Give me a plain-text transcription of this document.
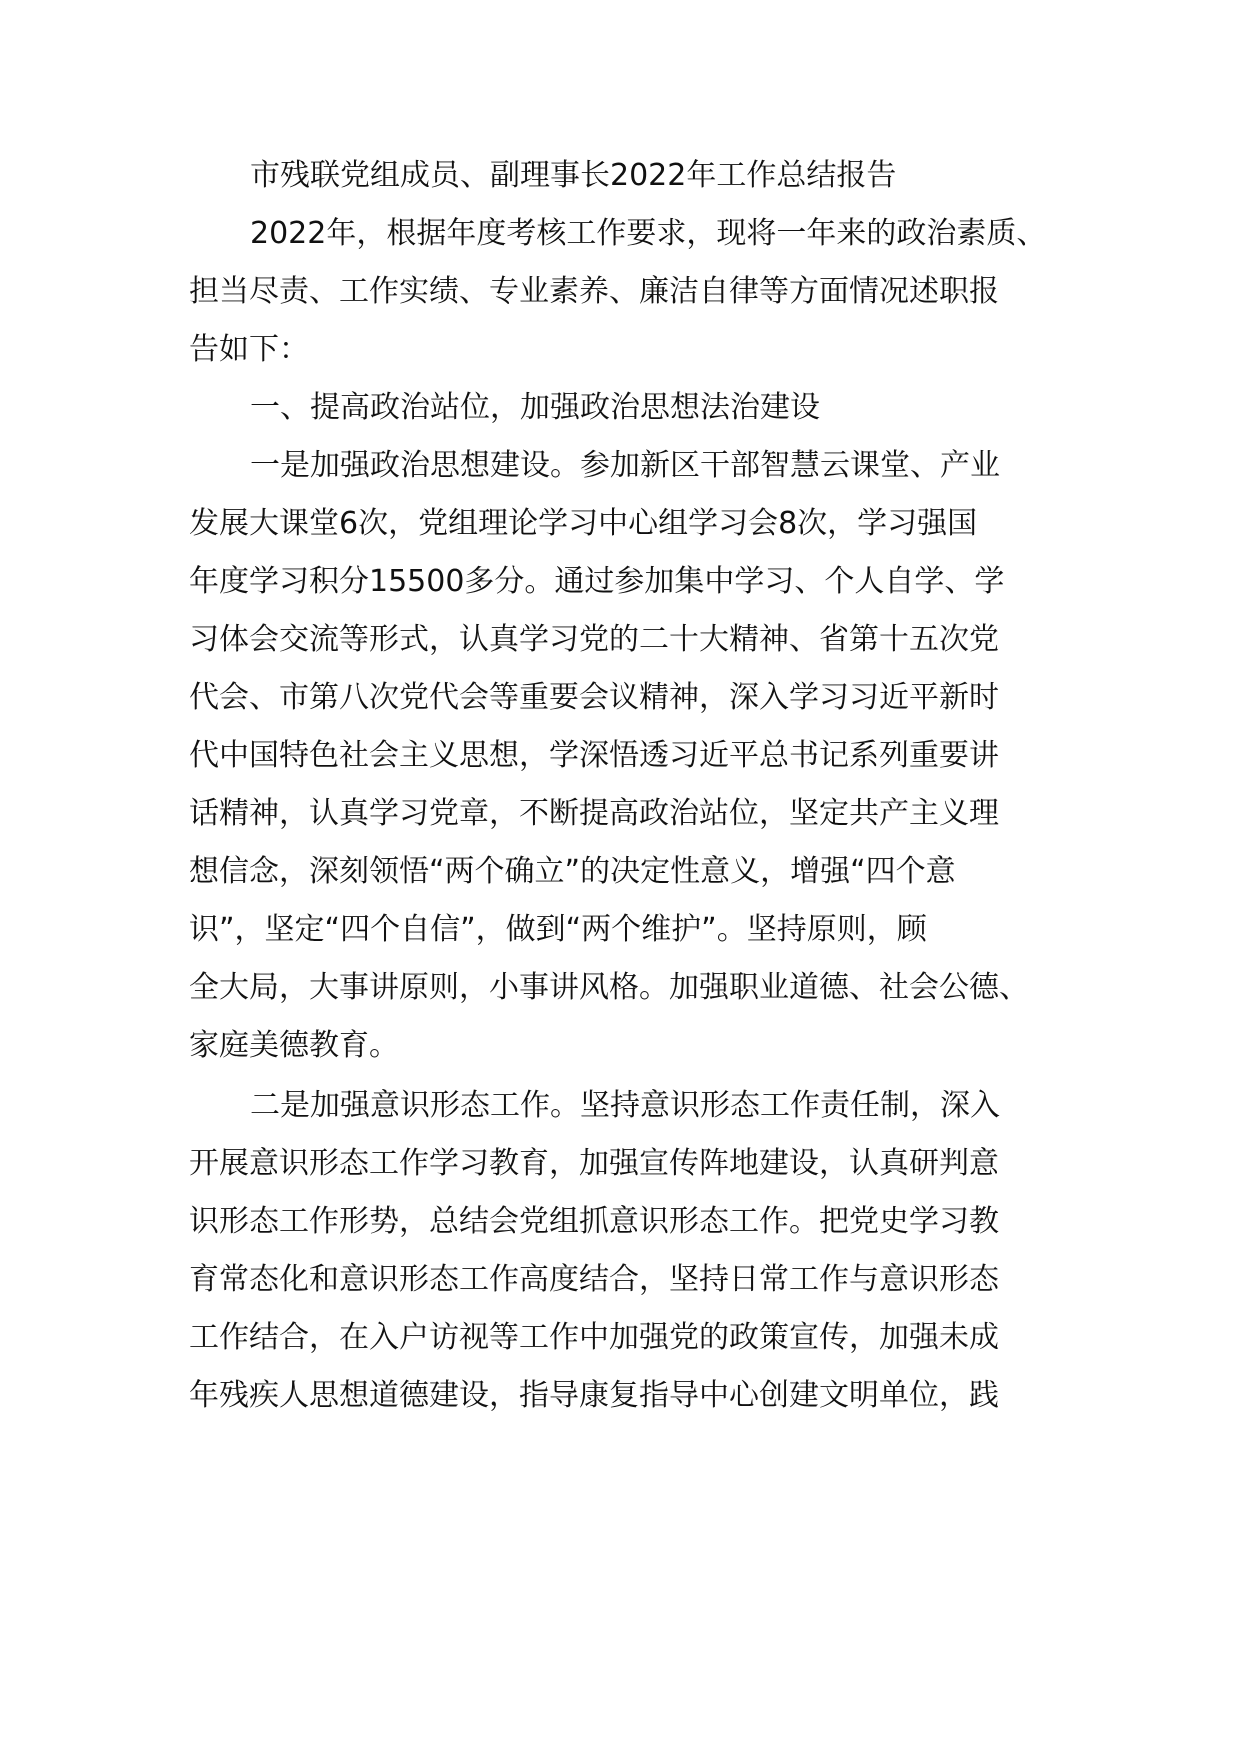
市残联党组成员、副理事长2022年工作总结报告

2022年，根据年度考核工作要求，现将一年来的政治素质、

担当尽责、工作实绩、专业素养、廉洁自律等方面情况述职报

告如下：

一、提高政治站位，加强政治思想法治建设

一是加强政治思想建设。参加新区干部智慧云课堂、产业

发展大课堂6次，党组理论学习中心组学习会8次，学习强国

年度学习积分15500多分。通过参加集中学习、个人自学、学

习体会交流等形式，认真学习党的二十大精神、省第十五次党

代会、市第八次党代会等重要会议精神，深入学习习近平新时

代中国特色社会主义思想，学深悟透习近平总书记系列重要讲

话精神，认真学习党章，不断提高政治站位，坚定共产主义理

想信念，深刻领悟“两个确立”的决定性意义，增强“四个意

识”，坚定“四个自信”，做到“两个维护”。坚持原则，顾

全大局，大事讲原则，小事讲风格。加强职业道德、社会公德、

家庭美德教育。

二是加强意识形态工作。坚持意识形态工作责任制，深入

开展意识形态工作学习教育，加强宣传阵地建设，认真研判意

识形态工作形势，总结会党组抓意识形态工作。把党史学习教

育常态化和意识形态工作高度结合，坚持日常工作与意识形态

工作结合，在入户访视等工作中加强党的政策宣传，加强未成

年残疾人思想道德建设，指导康复指导中心创建文明单位，践
